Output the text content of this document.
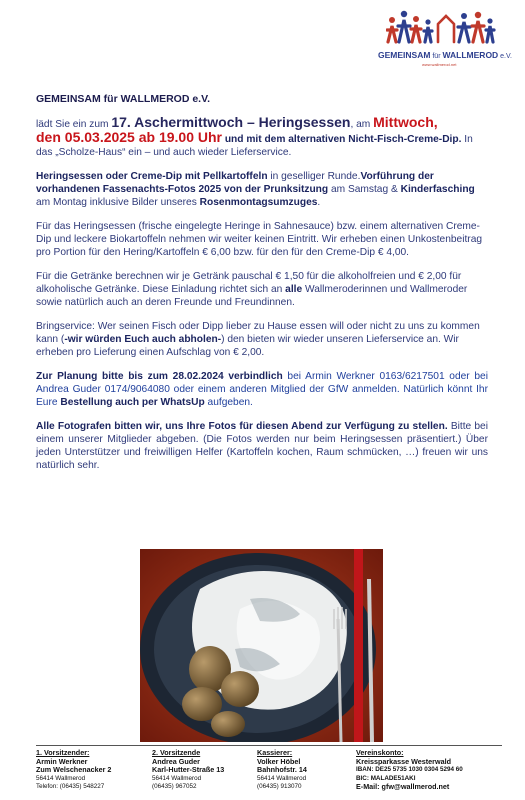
GEMEINSAM für WALLMEROD e.V.
www.wallmerod.net
GEMEINSAM für WALLMEROD e.V.

lädt Sie ein zum 17. Aschermittwoch – Heringsessen, am Mittwoch,
den 05.03.2025 ab 19.00 Uhr und mit dem alternativen Nicht-Fisch-Creme-Dip. In das „Scholze-Haus“ ein – und auch wieder Lieferservice.

Heringsessen oder Creme-Dip mit Pellkartoffeln in geselliger Runde.Vorführung der vorhandenen Fassenachts-Fotos 2025 von der Prunksitzung am Samstag & Kinderfasching am Montag inklusive Bilder unseres Rosenmontagsumzuges.

Für das Heringsessen (frische eingelegte Heringe in Sahnesauce) bzw. einem alternativen Creme-Dip und leckere Biokartoffeln nehmen wir weiter keinen Eintritt. Wir erheben einen Unkostenbeitrag pro Portion für den Hering/Kartoffeln € 6,00 bzw. für den für den Creme-Dip € 4,00.

Für die Getränke berechnen wir je Getränk pauschal € 1,50 für die alkoholfreien und € 2,00 für alkoholische Getränke. Diese Einladung richtet sich an alle Wallmeroderinnen und Wallmeroder sowie natürlich auch an deren Freunde und Freundinnen.

Bringservice: Wer seinen Fisch oder Dipp lieber zu Hause essen will oder nicht zu uns zu kommen kann (-wir würden Euch auch abholen-) den bieten wir wieder unseren Lieferservice an. Wir erheben pro Lieferung einen Aufschlag von € 2,00.

Zur Planung bitte bis zum 28.02.2024 verbindlich bei Armin Werkner 0163/6217501 oder bei Andrea Guder 0174/9064080 oder einem anderen Mitglied der GfW anmelden. Natürlich könnt Ihr Eure Bestellung auch per WhatsUp aufgeben.

Alle Fotografen bitten wir, uns Ihre Fotos für diesen Abend zur Verfügung zu stellen. Bitte bei einem unserer Mitglieder abgeben. (Die Fotos werden nur beim Heringsessen präsentiert.) Über jeden Unterstützer und freiwilligen Helfer (Kartoffeln kochen, Raum schmücken, …) freuen wir uns natürlich sehr.

1. Vorsitzender:
Armin Werkner
Zum Welschenacker 2
56414 Wallmerod
Telefon: (06435) 548227
2. Vorsitzende
Andrea Guder
Karl-Hutter-Straße 13
56414 Wallmerod
(06435) 967052
Kassierer:
Volker Höbel
Bahnhofstr. 14
56414 Wallmerod
(06435) 913070
Vereinskonto:
Kreissparkasse Westerwald
IBAN: DE25 5735 1030 0304 5294 60
BIC: MALADE51AKI
E-Mail: gfw@wallmerod.net
